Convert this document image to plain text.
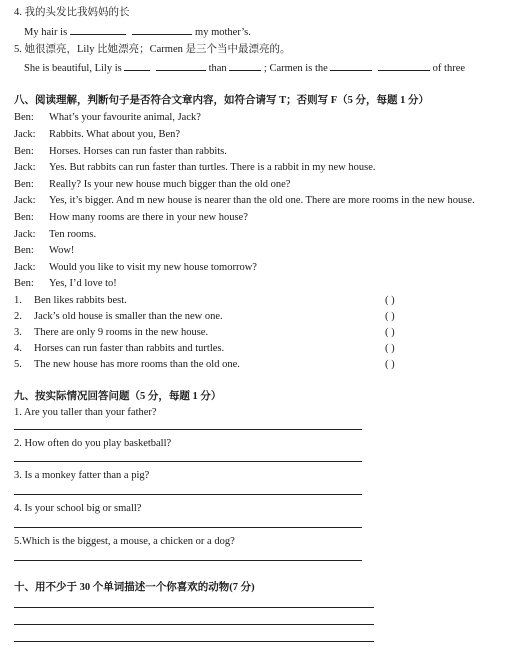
4. 我的头发比我妈妈的长
My hair is	my mother’s.
5. 她很漂亮，Lily 比她漂亮；Carmen 是三个当中最漂亮的。
She is beautiful, Lily is	than	; Carmen is the	of three
八、阅读理解，判断句子是否符合文章内容，如符合请写 T；否则写 F（5 分，每题 1 分）
Ben: What’s your favourite animal, Jack?
Jack: Rabbits. What about you, Ben?
Ben: Horses. Horses can run faster than rabbits.
Jack: Yes. But rabbits can run faster than turtles. There is a rabbit in my new house.
Ben: Really? Is your new house much bigger than the old one?
Jack: Yes, it’s bigger. And m new house is nearer than the old one. There are more rooms in the new house.
Ben: How many rooms are there in your new house?
Jack: Ten rooms.
Ben: Wow!
Jack: Would you like to visit my new house tomorrow?
Ben: Yes, I’d love to!
1. Ben likes rabbits best.	( )
2. Jack’s old house is smaller than the new one.	( )
3. There are only 9 rooms in the new house.	( )
4. Horses can run faster than rabbits and turtles.	( )
5. The new house has more rooms than the old one.	( )
九、按实际情况回答问题（5 分，每题 1 分）
1. Are you taller than your father?
2. How often do you play basketball?
3. Is a monkey fatter than a pig?
4. Is your school big or small?
5.Which is the biggest, a mouse, a chicken or a dog?
十、用不少于 30 个单词描述一个你喜欢的动物(7 分)
